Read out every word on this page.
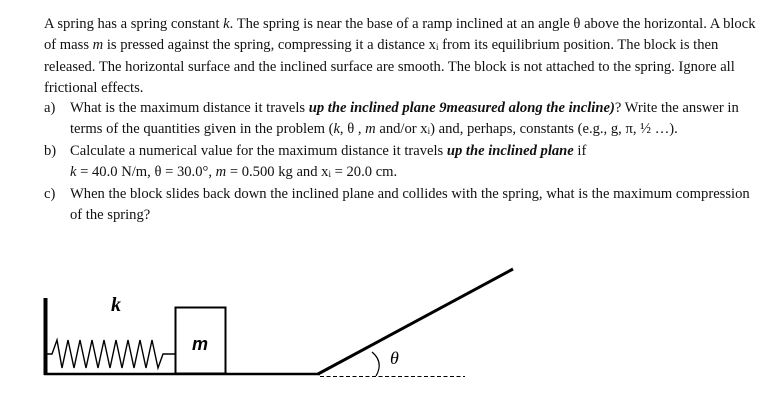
A spring has a spring constant k. The spring is near the base of a ramp inclined at an angle θ above the horizontal. A block of mass m is pressed against the spring, compressing it a distance xi from its equilibrium position. The block is then released. The horizontal surface and the inclined surface are smooth. The block is not attached to the spring. Ignore all frictional effects.

a)	What is the maximum distance it travels up the inclined plane 9measured along the incline)? Write the answer in terms of the quantities given in the problem (k, θ , m and/or xi) and, perhaps, constants (e.g., g, π, ½ …).
b) Calculate a numerical value for the maximum distance it travels up the inclined plane if
k = 40.0 N/m, θ = 30.0°, m = 0.500 kg and xi = 20.0 cm.
c)	When the block slides back down the inclined plane and collides with the spring, what is the maximum compression of the spring?
k
m
θ
